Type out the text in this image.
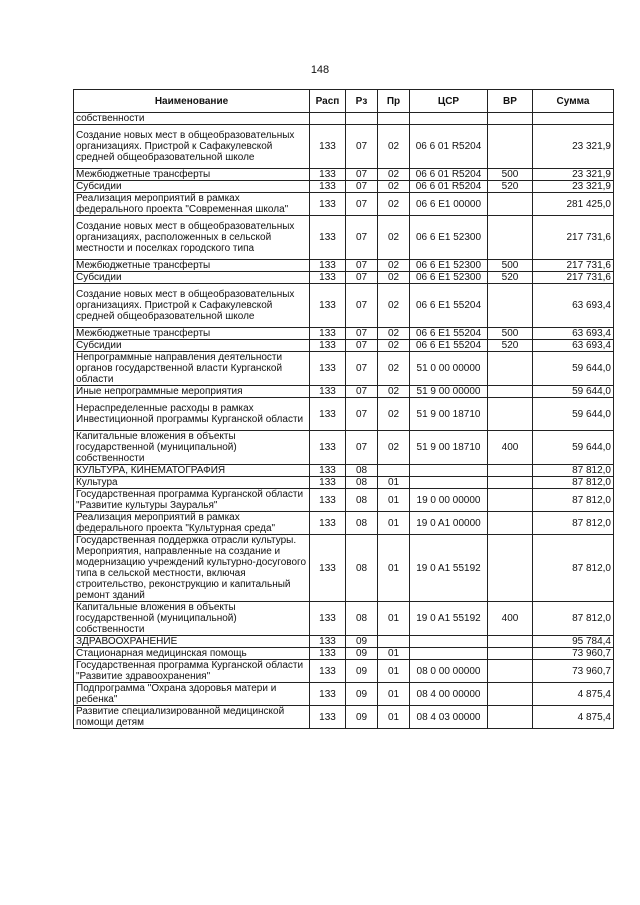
148
Наименование	Расп	Рз	Пр	ЦСР	ВР	Сумма
собственности						
Создание новых мест в общеобразовательных организациях. Пристрой к Сафакулевской средней общеобразовательной школе	133	07	02	06 6 01 R5204		23 321,9
Межбюджетные трансферты	133	07	02	06 6 01 R5204	500	23 321,9
Субсидии	133	07	02	06 6 01 R5204	520	23 321,9
Реализация мероприятий в рамках федерального проекта "Современная школа"	133	07	02	06 6 E1 00000		281 425,0
Создание новых мест в общеобразовательных организациях, расположенных в сельской местности и поселках городского типа	133	07	02	06 6 E1 52300		217 731,6
Межбюджетные трансферты	133	07	02	06 6 E1 52300	500	217 731,6
Субсидии	133	07	02	06 6 E1 52300	520	217 731,6
Создание новых мест в общеобразовательных организациях. Пристрой к Сафакулевской средней общеобразовательной школе	133	07	02	06 6 E1 55204		63 693,4
Межбюджетные трансферты	133	07	02	06 6 E1 55204	500	63 693,4
Субсидии	133	07	02	06 6 E1 55204	520	63 693,4
Непрограммные направления деятельности органов государственной власти Курганской области	133	07	02	51 0 00 00000		59 644,0
Иные непрограммные мероприятия	133	07	02	51 9 00 00000		59 644,0
Нераспределенные расходы в рамках Инвестиционной программы Курганской области	133	07	02	51 9 00 18710		59 644,0
Капитальные вложения в объекты государственной (муниципальной) собственности	133	07	02	51 9 00 18710	400	59 644,0
КУЛЬТУРА, КИНЕМАТОГРАФИЯ	133	08				87 812,0
Культура	133	08	01			87 812,0
Государственная программа Курганской области "Развитие культуры Зауралья"	133	08	01	19 0 00 00000		87 812,0
Реализация мероприятий в рамках федерального проекта "Культурная среда"	133	08	01	19 0 A1 00000		87 812,0
Государственная поддержка отрасли культуры. Мероприятия, направленные на создание и модернизацию учреждений культурно-досугового типа в сельской местности, включая строительство, реконструкцию и капитальный ремонт зданий	133	08	01	19 0 A1 55192		87 812,0
Капитальные вложения в объекты государственной (муниципальной) собственности	133	08	01	19 0 A1 55192	400	87 812,0
ЗДРАВООХРАНЕНИЕ	133	09				95 784,4
Стационарная медицинская помощь	133	09	01			73 960,7
Государственная программа Курганской области "Развитие здравоохранения"	133	09	01	08 0 00 00000		73 960,7
Подпрограмма "Охрана здоровья матери и ребенка"	133	09	01	08 4 00 00000		4 875,4
Развитие специализированной медицинской помощи детям	133	09	01	08 4 03 00000		4 875,4
